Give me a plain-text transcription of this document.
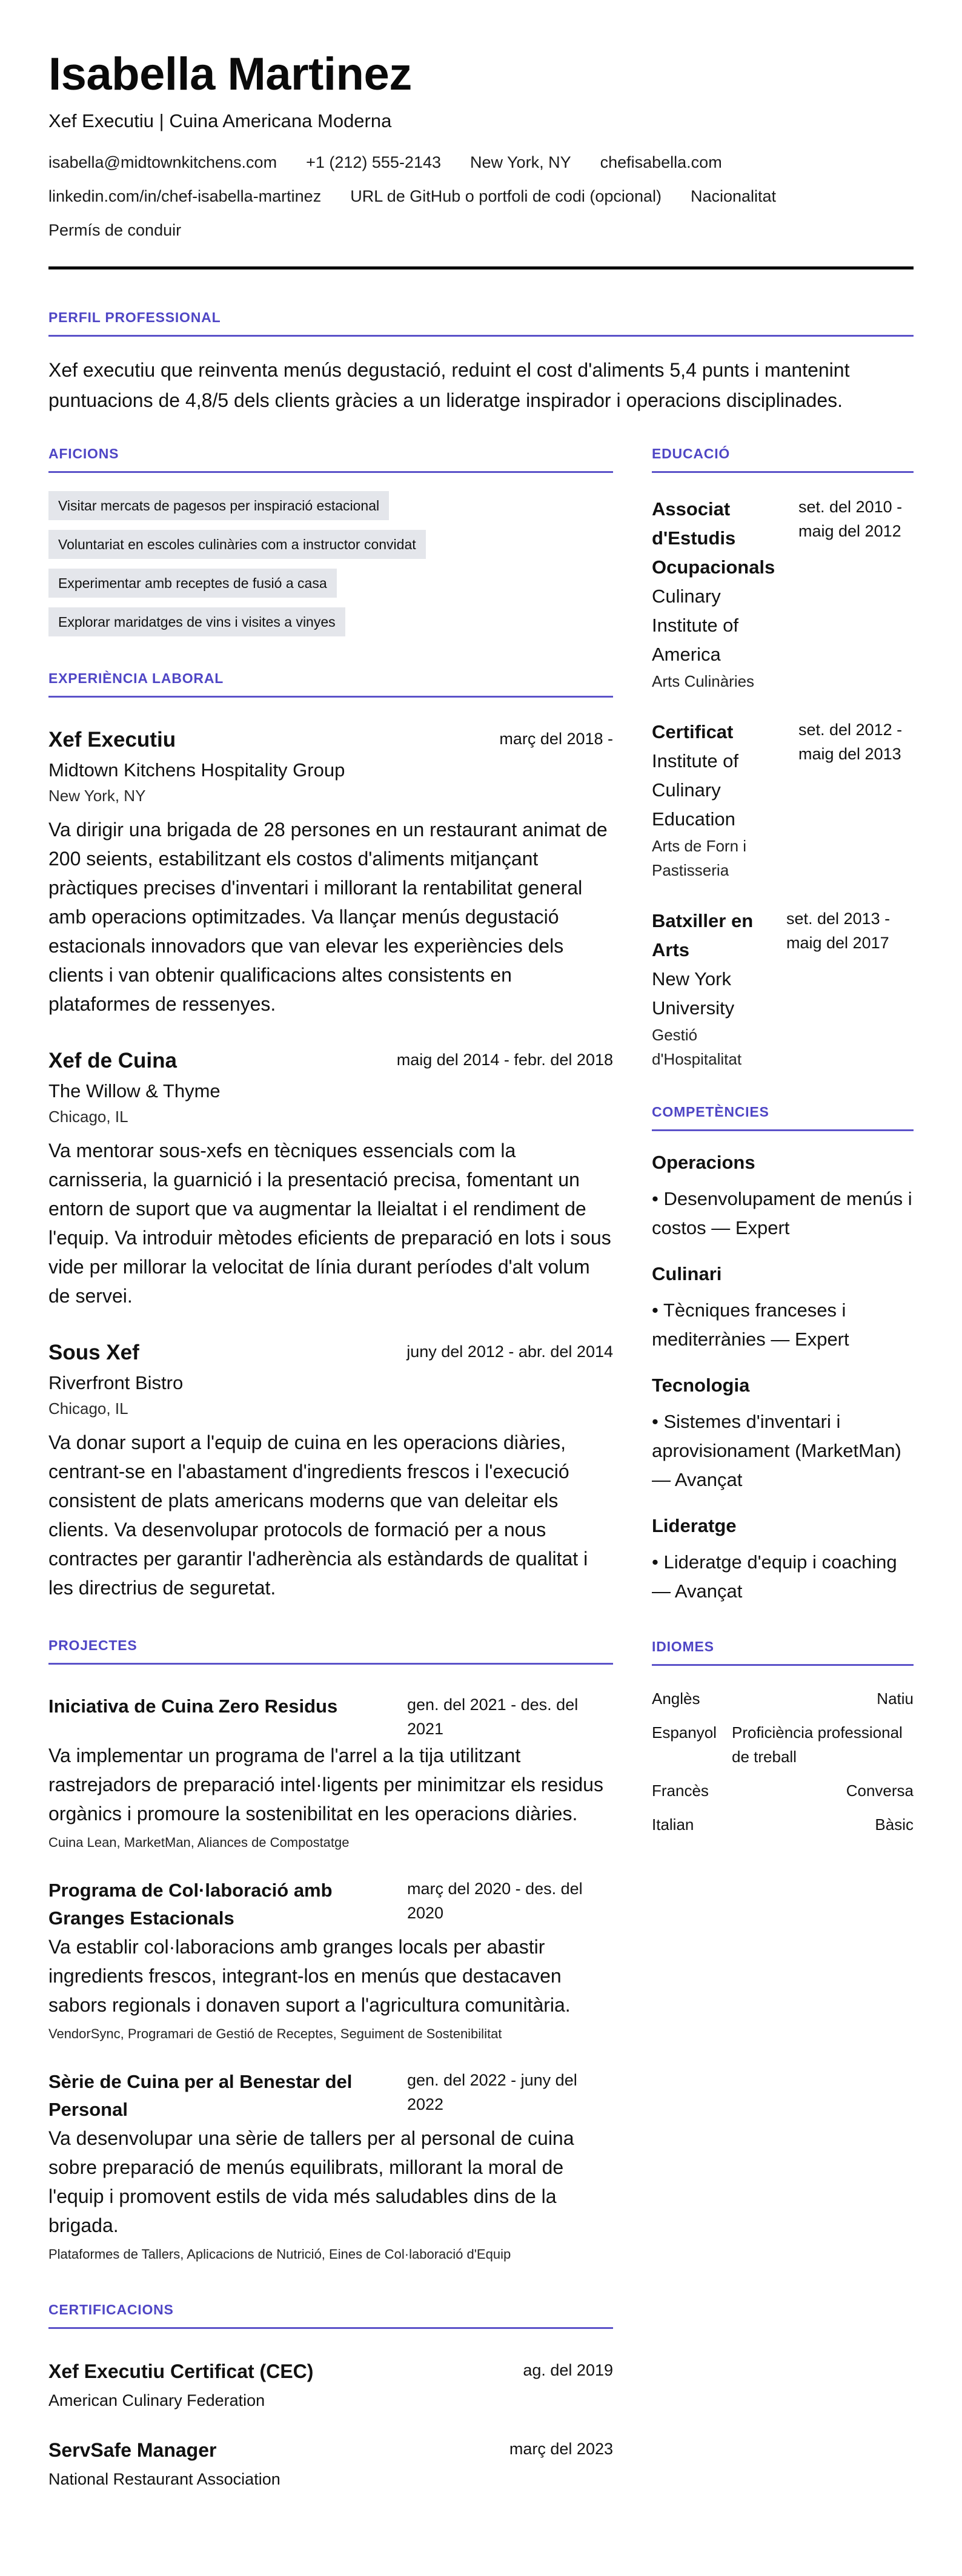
Isabella Martinez
Xef Executiu | Cuina Americana Moderna
isabella@midtownkitchens.com +1 (212) 555-2143 New York, NY chefisabella.com
linkedin.com/in/chef-isabella-martinez URL de GitHub o portfoli de codi (opcional) Nacionalitat
Permís de conduir
PERFIL PROFESSIONAL

Xef executiu que reinventa menús degustació, reduint el cost d'aliments 5,4 punts i mantenint puntuacions de 4,8/5 dels clients gràcies a un lideratge inspirador i operacions disciplinades.

AFICIONS
Visitar mercats de pagesos per inspiració estacional
Voluntariat en escoles culinàries com a instructor convidat
Experimentar amb receptes de fusió a casa
Explorar maridatges de vins i visites a vinyes
EXPERIÈNCIA LABORAL
Xef Executiu	març del 2018 -
Midtown Kitchens Hospitality Group
New York, NY

Va dirigir una brigada de 28 persones en un restaurant animat de 200 seients, estabilitzant els costos d'aliments mitjançant pràctiques precises d'inventari i millorant la rentabilitat general amb operacions optimitzades. Va llançar menús degustació estacionals innovadors que van elevar les experiències dels clients i van obtenir qualificacions altes consistents en plataformes de ressenyes.

Xef de Cuina	maig del 2014 - febr. del 2018
The Willow & Thyme
Chicago, IL

Va mentorar sous-xefs en tècniques essencials com la carnisseria, la guarnició i la presentació precisa, fomentant un entorn de suport que va augmentar la lleialtat i el rendiment de l'equip. Va introduir mètodes eficients de preparació en lots i sous vide per millorar la velocitat de línia durant períodes d'alt volum de servei.

Sous Xef	juny del 2012 - abr. del 2014
Riverfront Bistro
Chicago, IL

Va donar suport a l'equip de cuina en les operacions diàries, centrant-se en l'abastament d'ingredients frescos i l'execució consistent de plats americans moderns que van deleitar els clients. Va desenvolupar protocols de formació per a nous contractes per garantir l'adherència als estàndards de qualitat i les directrius de seguretat.

PROJECTES
Iniciativa de Cuina Zero Residus	gen. del 2021 - des. del 2021

Va implementar un programa de l'arrel a la tija utilitzant rastrejadors de preparació intel·ligents per minimitzar els residus orgànics i promoure la sostenibilitat en les operacions diàries.

Cuina Lean, MarketMan, Aliances de Compostatge
Programa de Col·laboració amb Granges Estacionals
març del 2020 - des. del 2020

Va establir col·laboracions amb granges locals per abastir ingredients frescos, integrant-los en menús que destacaven sabors regionals i donaven suport a l'agricultura comunitària.

VendorSync, Programari de Gestió de Receptes, Seguiment de Sostenibilitat
Sèrie de Cuina per al Benestar del Personal
gen. del 2022 - juny del 2022

Va desenvolupar una sèrie de tallers per al personal de cuina sobre preparació de menús equilibrats, millorant la moral de l'equip i promovent estils de vida més saludables dins de la brigada.

Plataformes de Tallers, Aplicacions de Nutrició, Eines de Col·laboració d'Equip
CERTIFICACIONS
Xef Executiu Certificat (CEC)	ag. del 2019
American Culinary Federation
ServSafe Manager	març del 2023
National Restaurant Association
EDUCACIÓ
Associat d'Estudis Ocupacionals
Culinary Institute of America
Arts Culinàries
set. del 2010 - maig del 2012
Certificat
Institute of Culinary Education
Arts de Forn i Pastisseria
set. del 2012 - maig del 2013
Batxiller en Arts
New York University
Gestió d'Hospitalitat
set. del 2013 - maig del 2017
COMPETÈNCIES
Operacions
• Desenvolupament de menús i costos — Expert
Culinari
• Tècniques franceses i mediterrànies — Expert
Tecnologia
• Sistemes d'inventari i aprovisionament (MarketMan) — Avançat
Lideratge
• Lideratge d'equip i coaching — Avançat
IDIOMES
Anglès	Natiu
Espanyol Proficiència professional de treball
Francès	Conversa
Italian	Bàsic
